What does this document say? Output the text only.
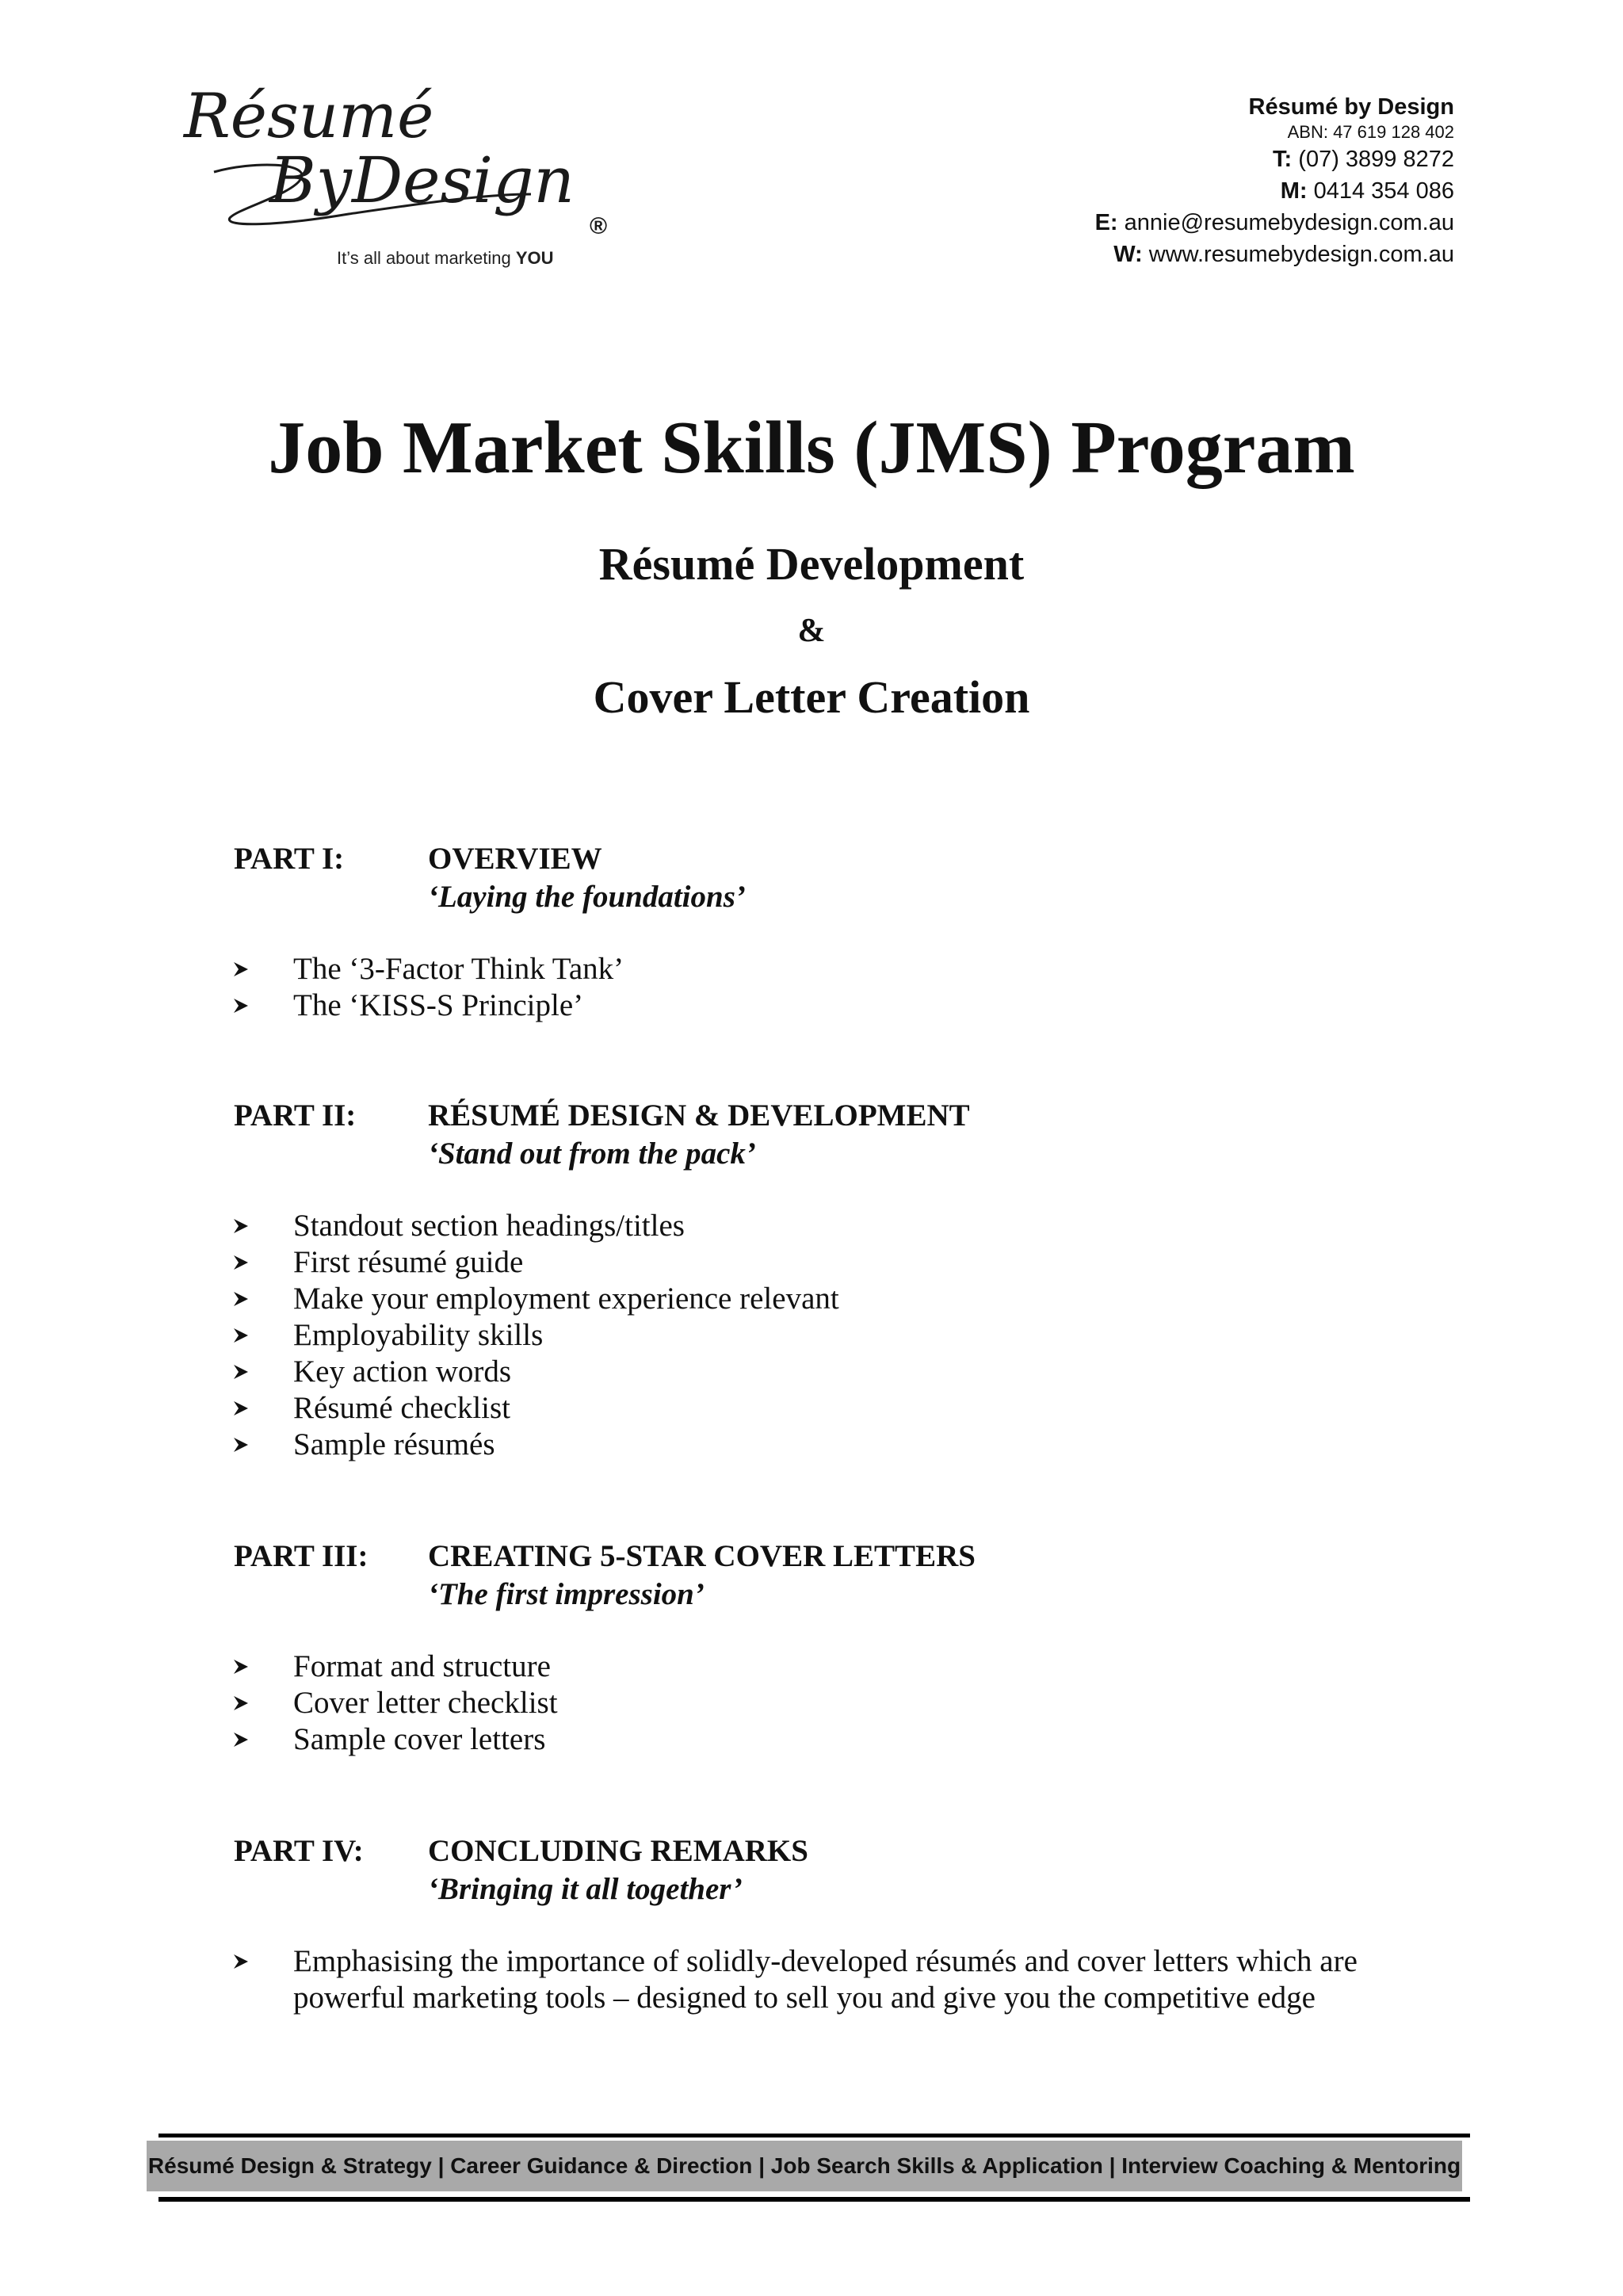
Résumé
ByDesign
®
It’s all about marketing YOU
Résumé by Design
ABN: 47 619 128 402
T: (07) 3899 8272
M: 0414 354 086
E: annie@resumebydesign.com.au
W: www.resumebydesign.com.au
Job Market Skills (JMS) Program
Résumé Development
&
Cover Letter Creation
PART I:	OVERVIEW
‘Laying the foundations’
The ‘3-Factor Think Tank’
The ‘KISS-S Principle’
PART II: RÉSUMÉ DESIGN & DEVELOPMENT
‘Stand out from the pack’
Standout section headings/titles
First résumé guide
Make your employment experience relevant
Employability skills
Key action words
Résumé checklist
Sample résumés
PART III: CREATING 5-STAR COVER LETTERS
‘The first impression’
Format and structure
Cover letter checklist
Sample cover letters
PART IV: CONCLUDING REMARKS
‘Bringing it all together’
Emphasising the importance of solidly-developed résumés and cover letters which are powerful marketing tools – designed to sell you and give you the competitive edge
Résumé Design & Strategy | Career Guidance & Direction | Job Search Skills & Application | Interview Coaching & Mentoring
